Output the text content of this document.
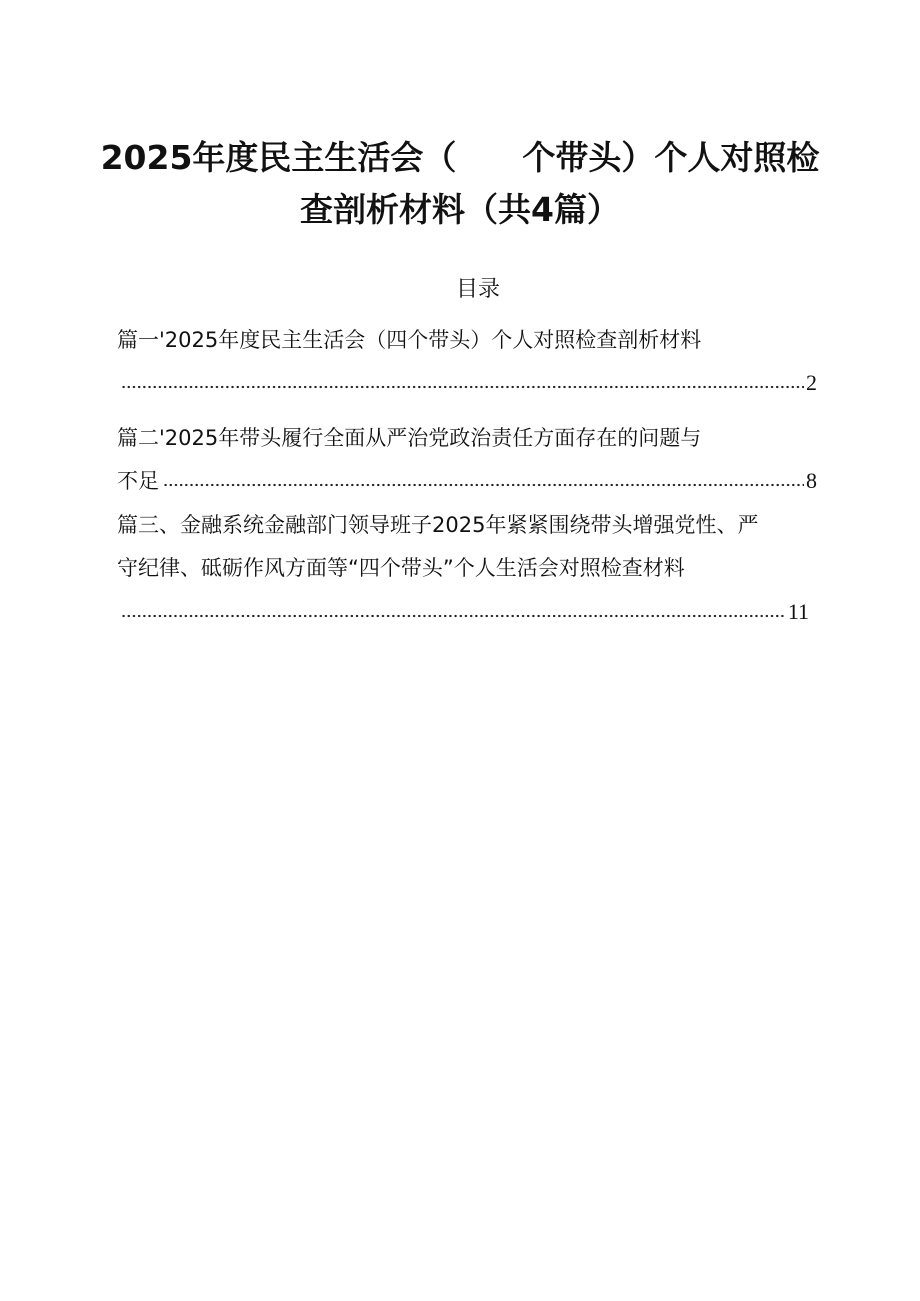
2025年度民主生活会（　　个带头）个人对照检
查剖析材料（共4篇）
目录
篇一'2025年度民主生活会（四个带头）个人对照检查剖析材料
2
篇二'2025年带头履行全面从严治党政治责任方面存在的问题与
不足	8
篇三、金融系统金融部门领导班子2025年紧紧围绕带头增强党性、严
守纪律、砥砺作风方面等“四个带头”个人生活会对照检查材料
11
